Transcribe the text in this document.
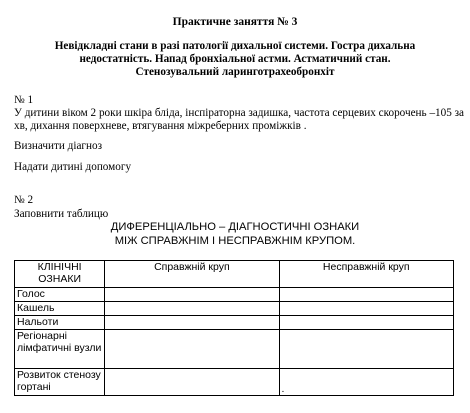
Практичне заняття № 3
Невідкладні стани в разі патології дихальної системи. Гостра дихальна
недостатність. Напад бронхіальної астми. Астматичний стан.
Стенозувальний ларинготрахеобронхіт
№ 1
У дитини віком 2 роки шкіра бліда, інспіраторна задишка, частота серцевих скорочень –105 за хв, дихання поверхневе, втягування міжреберних проміжків .
Визначити діагноз
Надати дитині допомогу
№ 2
Заповнити таблицю
ДИФЕРЕНЦІАЛЬНО – ДІАГНОСТИЧНІ ОЗНАКИ
МІЖ СПРАВЖНІМ І НЕСПРАВЖНІМ КРУПОМ.
КЛІНІЧНІ
ОЗНАКИ	Справжній круп	Несправжній круп
Голос		
Кашель		
Нальоти		
Регіонарні лімфатичні вузли		
Розвиток стенозу гортані		.
